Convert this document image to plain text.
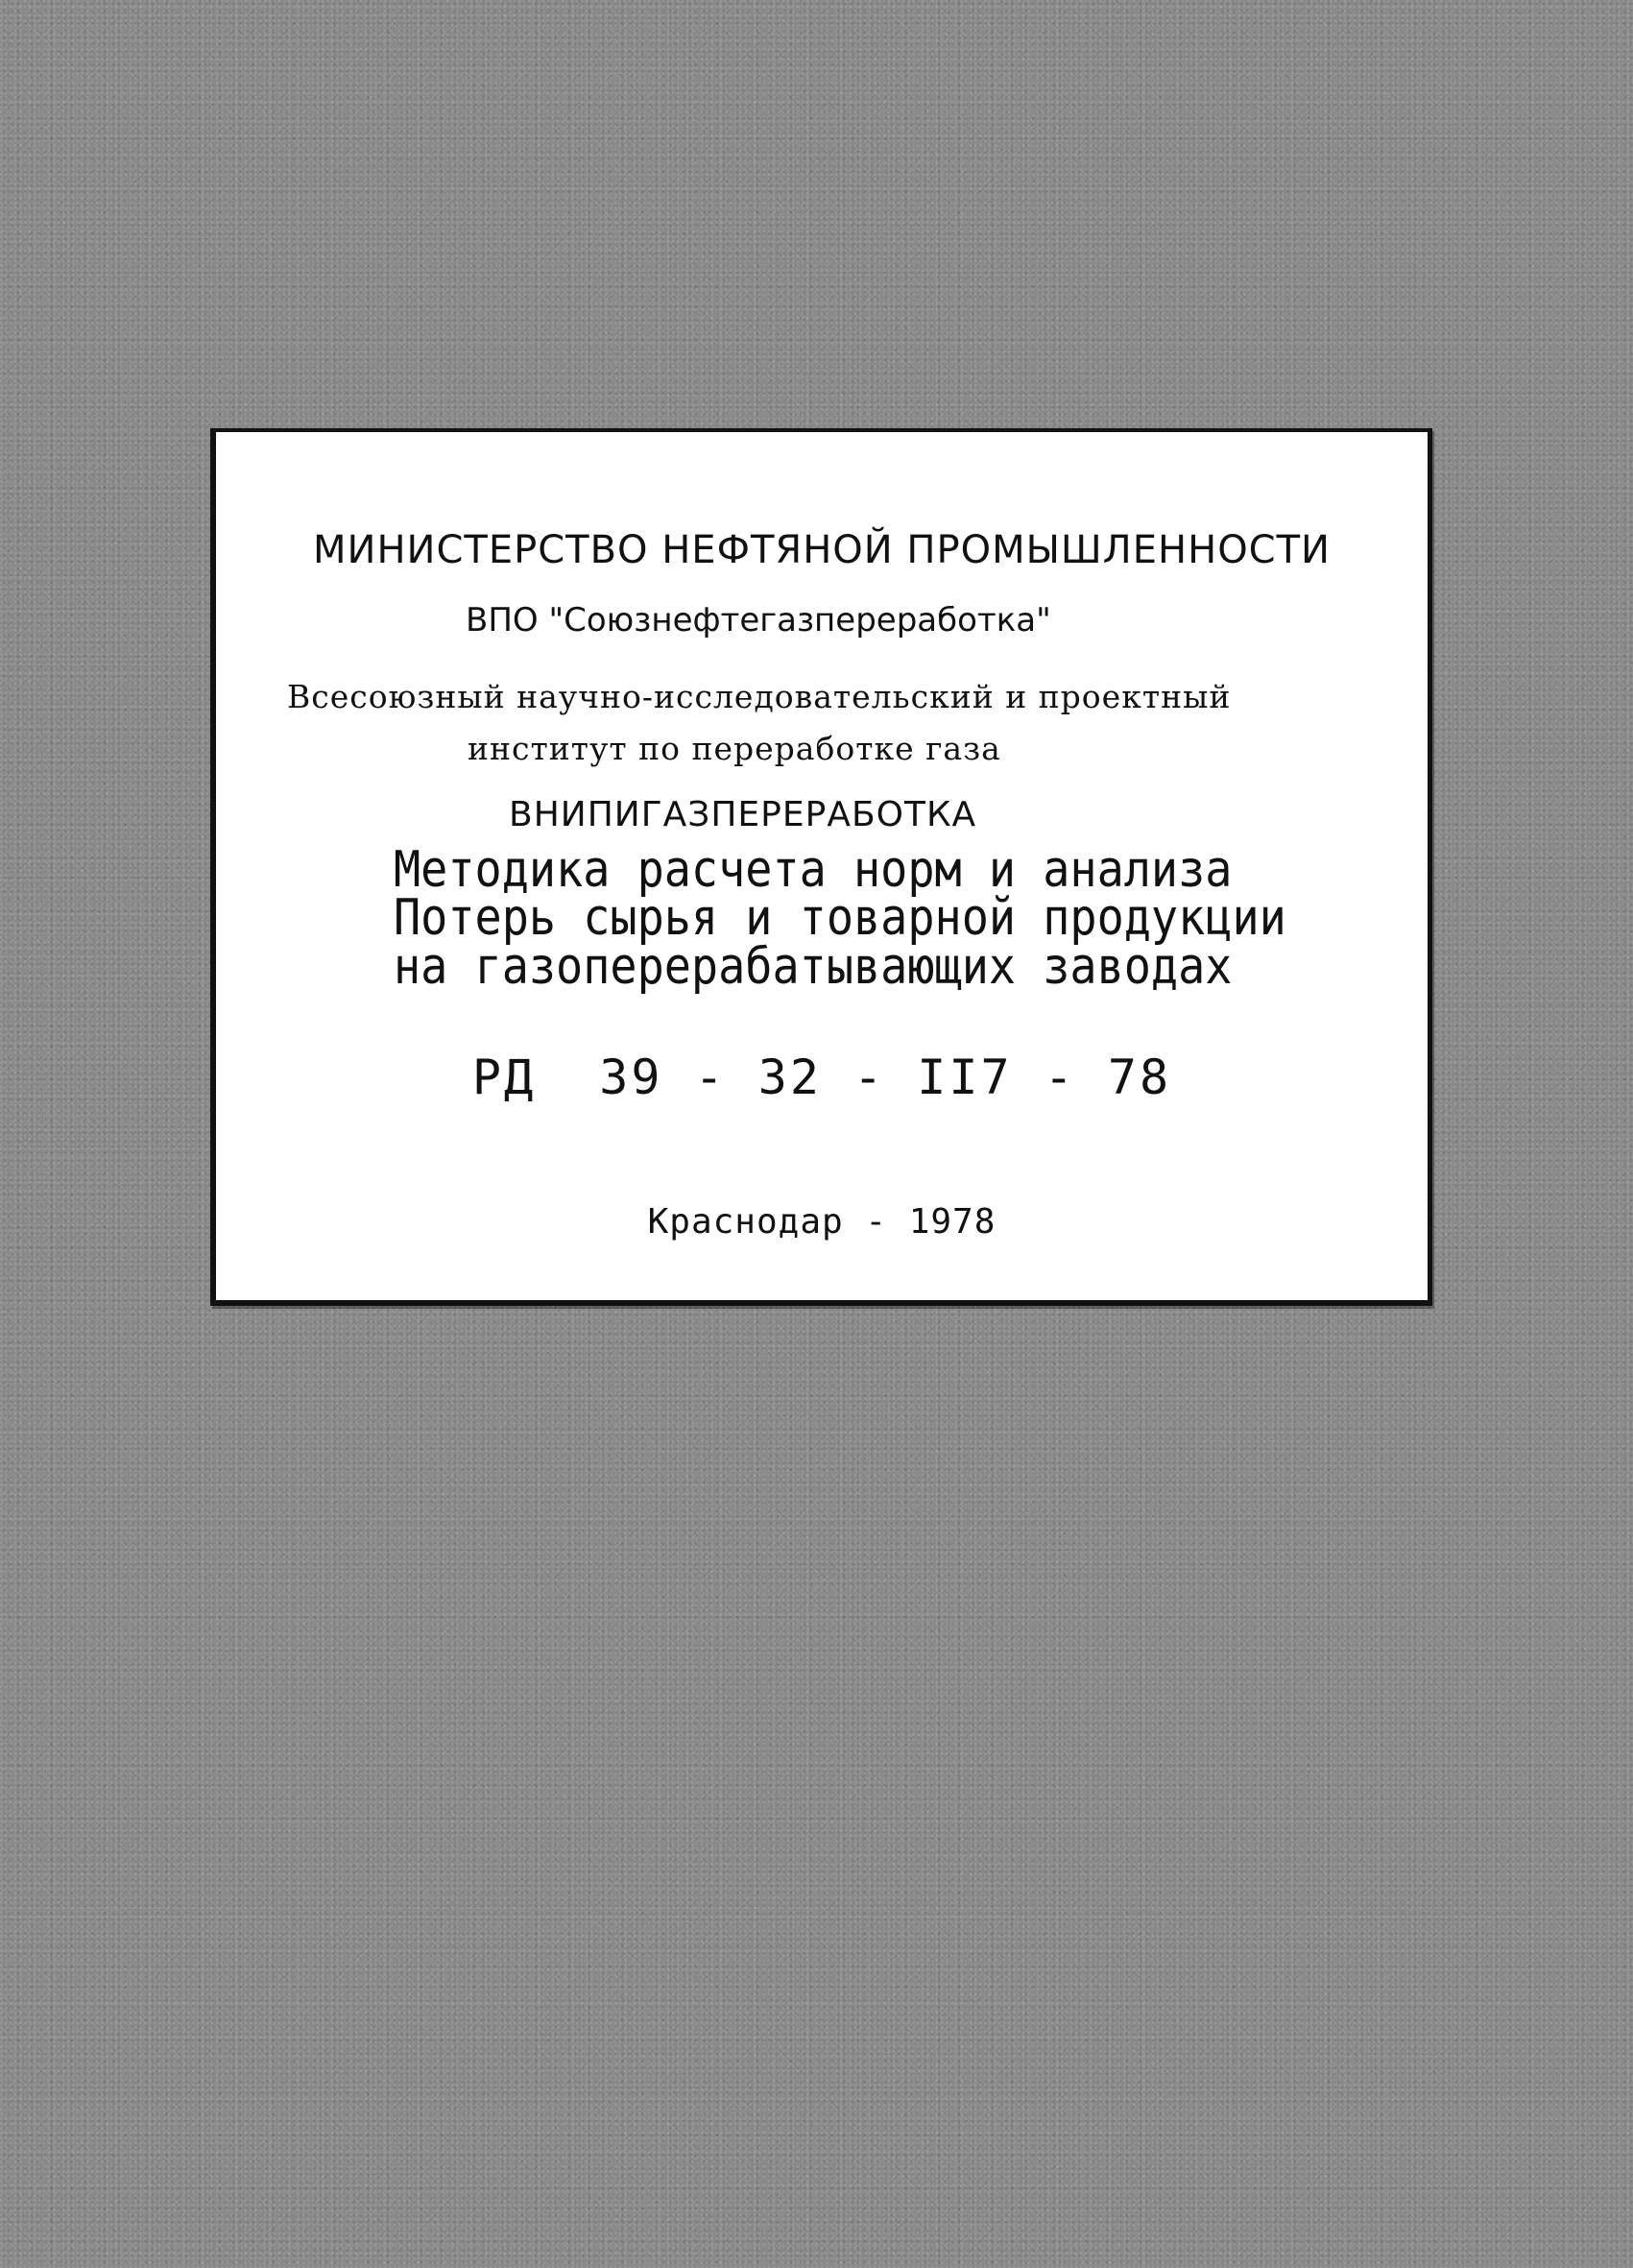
МИНИСТЕРСТВО НЕФТЯНОЙ ПРОМЫШЛЕННОСТИ
ВПО "Союзнефтегазпереработка"
Всесоюзный научно-исследовательский и проектный
институт по переработке газа
ВНИПИГАЗПЕРЕРАБОТКА
Методика расчета норм и анализа
Потерь сырья и товарной продукции
на газоперерабатывающих заводах
РД  39 - 32 - II7 - 78
Краснодар - 1978
